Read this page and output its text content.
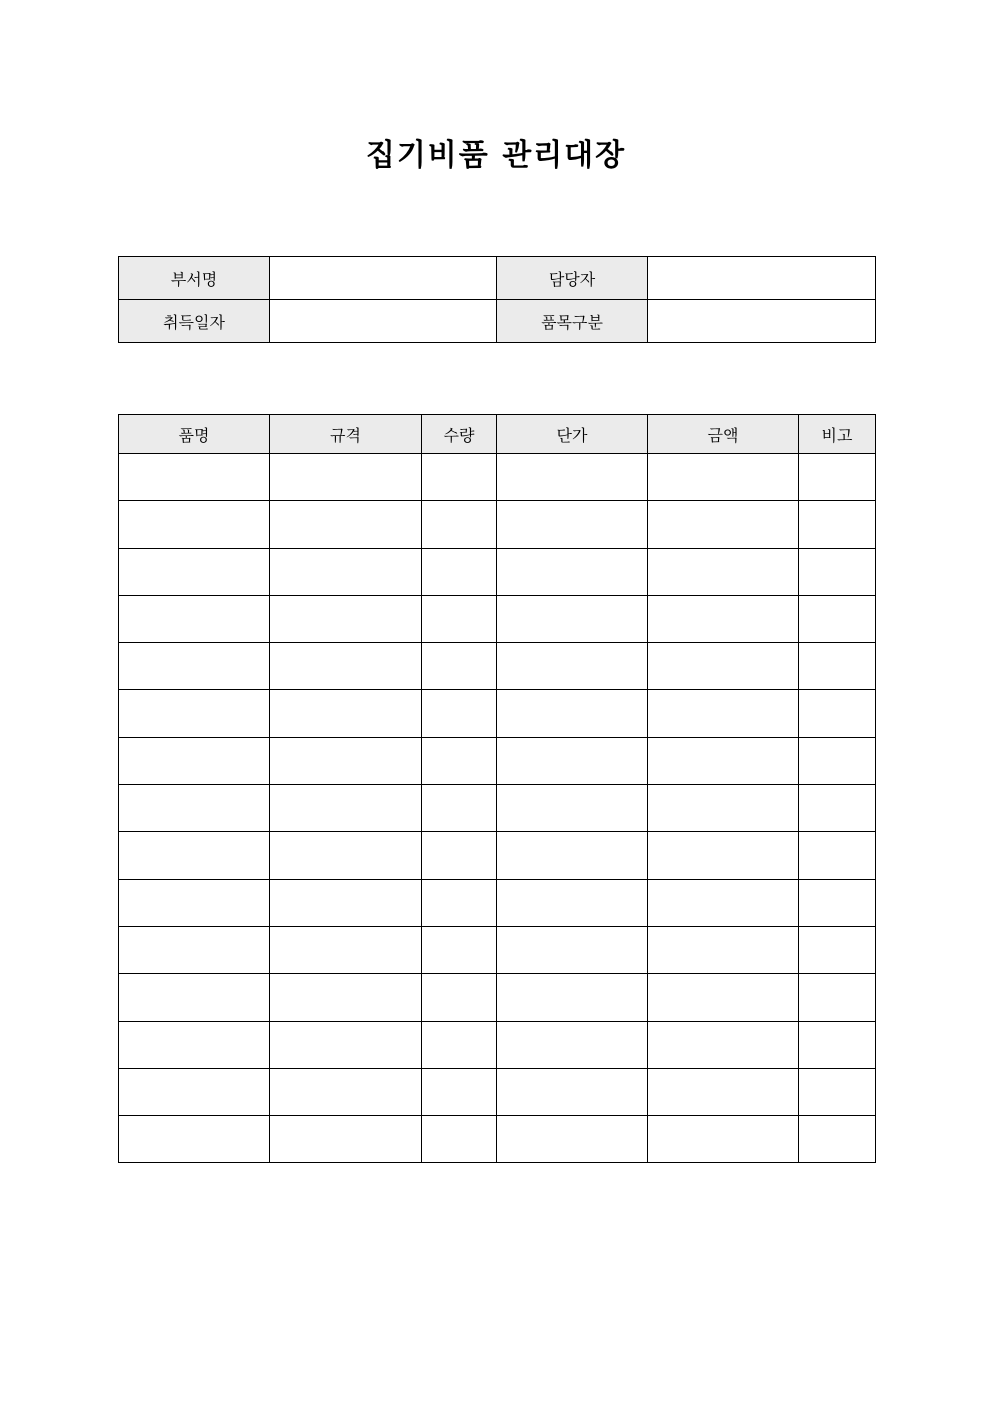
집기비품 관리대장
부서명		담당자	
취득일자		품목구분	
품명	규격	수량	단가	금액	비고
